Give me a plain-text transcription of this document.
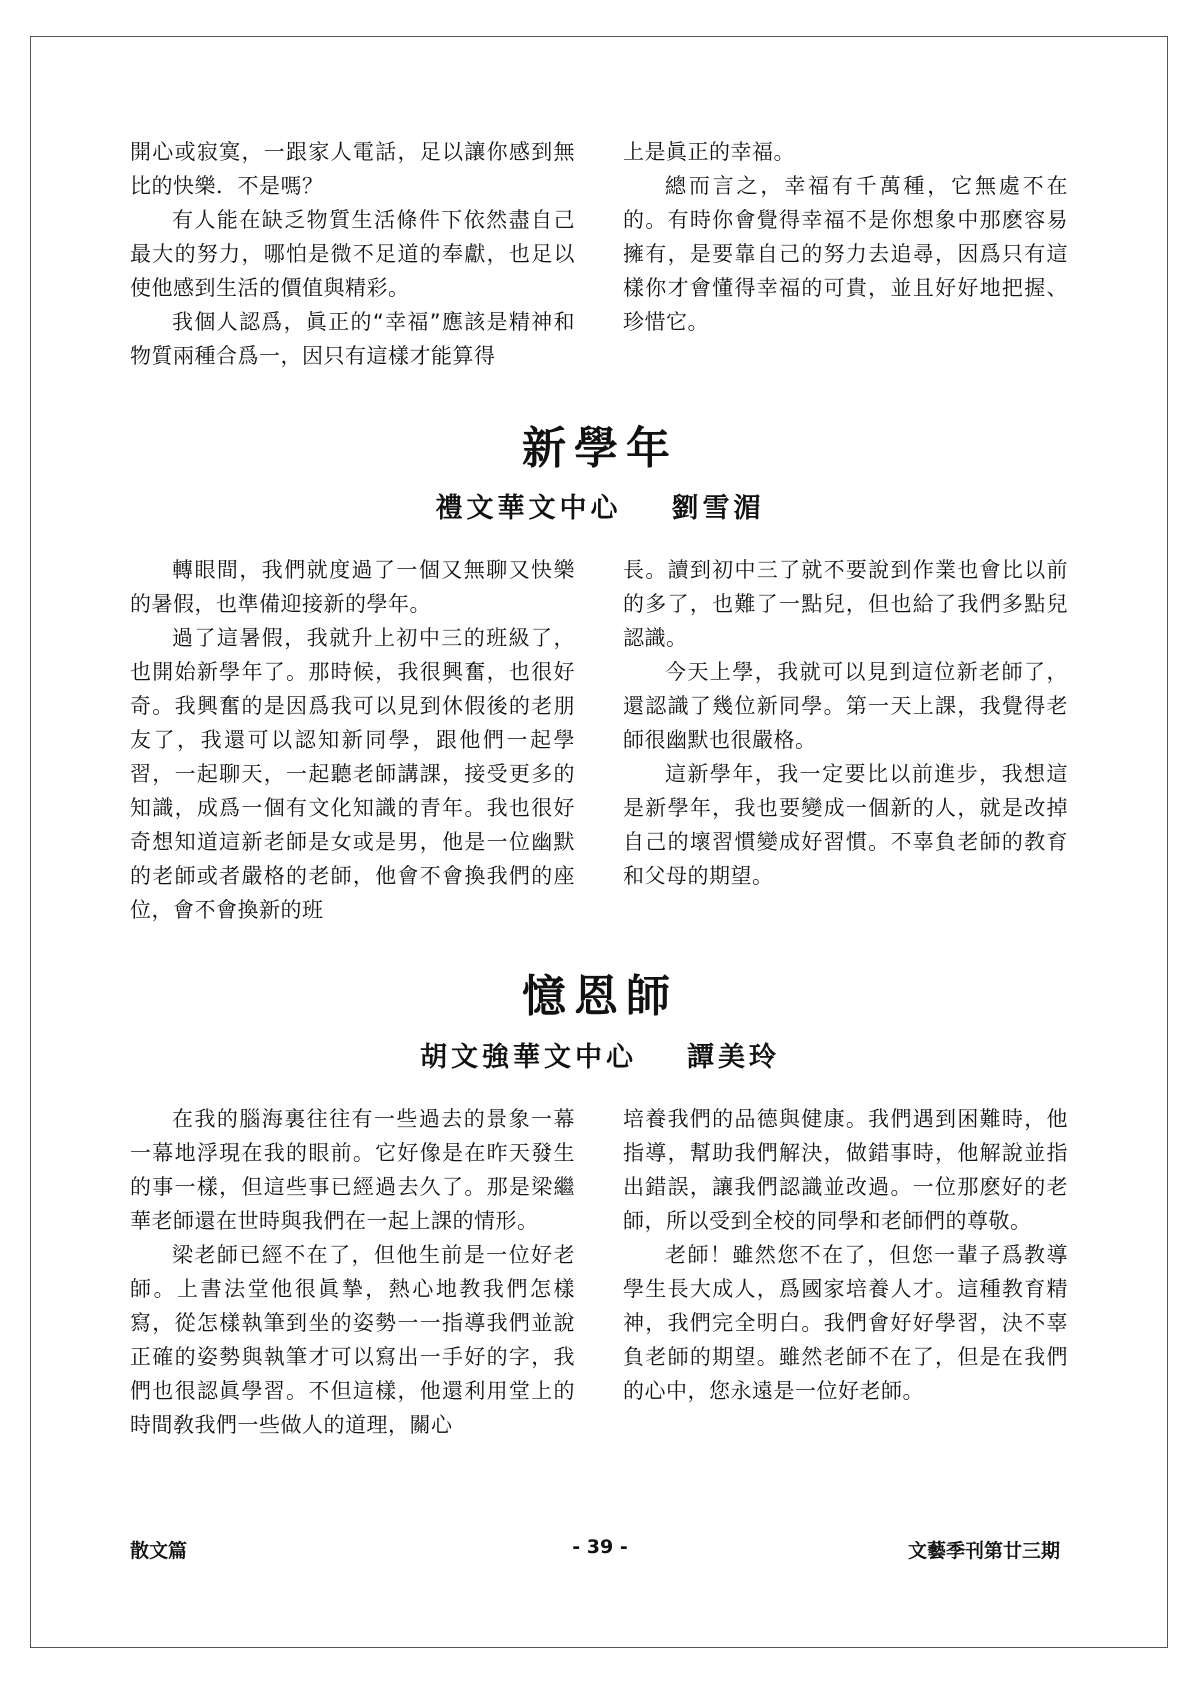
開心或寂寞，一跟家人電話，足以讓你感到無比的快樂．不是嗎？

有人能在缺乏物質生活條件下依然盡自己最大的努力，哪怕是微不足道的奉獻，也足以使他感到生活的價值與精彩。

我個人認爲，眞正的“幸福”應該是精神和物質兩種合爲一，因只有這樣才能算得

上是眞正的幸福。

總而言之，幸福有千萬種，它無處不在的。有時你會覺得幸福不是你想象中那麽容易擁有，是要靠自己的努力去追尋，因爲只有這樣你才會懂得幸福的可貴，並且好好地把握、珍惜它。

新學年
禮文華文中心 劉雪湄

轉眼間，我們就度過了一個又無聊又快樂的暑假，也準備迎接新的學年。

過了這暑假，我就升上初中三的班級了，也開始新學年了。那時候，我很興奮，也很好奇。我興奮的是因爲我可以見到休假後的老朋友了，我還可以認知新同學，跟他們一起學習，一起聊天，一起聽老師講課，接受更多的知識，成爲一個有文化知識的青年。我也很好奇想知道這新老師是女或是男，他是一位幽默的老師或者嚴格的老師，他會不會換我們的座位，會不會換新的班

長。讀到初中三了就不要說到作業也會比以前的多了，也難了一點兒，但也給了我們多點兒認識。

今天上學，我就可以見到這位新老師了，還認識了幾位新同學。第一天上課，我覺得老師很幽默也很嚴格。

這新學年，我一定要比以前進步，我想這是新學年，我也要變成一個新的人，就是改掉自己的壞習慣變成好習慣。不辜負老師的教育和父母的期望。

憶恩師
胡文強華文中心 譚美玲

在我的腦海裏往往有一些過去的景象一幕一幕地浮現在我的眼前。它好像是在昨天發生的事一樣，但這些事已經過去久了。那是梁繼華老師還在世時與我們在一起上課的情形。

梁老師已經不在了，但他生前是一位好老師。上書法堂他很眞摯，熱心地教我們怎樣寫，從怎樣執筆到坐的姿勢一一指導我們並說正確的姿勢與執筆才可以寫出一手好的字，我們也很認眞學習。不但這樣，他還利用堂上的時間敎我們一些做人的道理，關心

培養我們的品德與健康。我們遇到困難時，他指導，幫助我們解決，做錯事時，他解說並指出錯誤，讓我們認識並改過。一位那麽好的老師，所以受到全校的同學和老師們的尊敬。

老師！雖然您不在了，但您一輩子爲教導學生長大成人，爲國家培養人才。這種教育精神，我們完全明白。我們會好好學習，決不辜負老師的期望。雖然老師不在了，但是在我們的心中，您永遠是一位好老師。

散文篇	- 39 -	文藝季刊第廿三期
